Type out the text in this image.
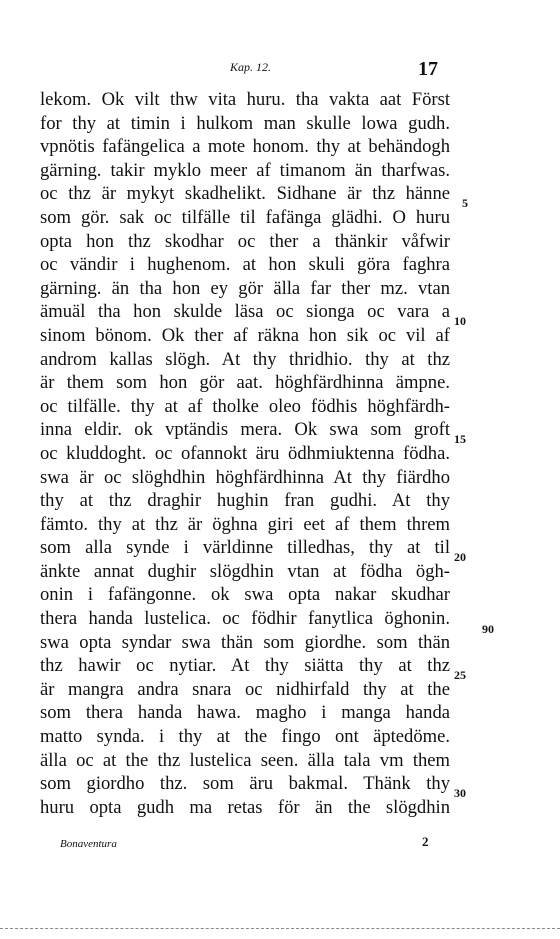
Kap. 12.	17
lekom. Ok vilt thw vita huru. tha vakta aat Först
for thy at timin i hulkom man skulle lowa gudh.
vpnötis fafängelica a mote honom. thy at behändogh
gärning. takir myklo meer af timanom än tharfwas.
oc thz är mykyt skadhelikt. Sidhane är thz hänne
som gör. sak oc tilfälle til fafänga glädhi. O huru
opta hon thz skodhar oc ther a thänkir våfwir
oc vändir i hughenom. at hon skuli göra faghra
gärning. än tha hon ey gör älla far ther mz. vtan
ämuäl tha hon skulde läsa oc sionga oc vara a
sinom bönom. Ok ther af räkna hon sik oc vil af
androm kallas slögh. At thy thridhio. thy at thz
är them som hon gör aat. höghfärdhinna ämpne.
oc tilfälle. thy at af tholke oleo födhis höghfärdh-
inna eldir. ok vptändis mera. Ok swa som groft
oc kluddoght. oc ofannokt äru ödhmiuktenna födha.
swa är oc slöghdhin höghfärdhinna At thy fiärdho
thy at thz draghir hughin fran gudhi. At thy
fämto. thy at thz är öghna giri eet af them threm
som alla synde i världinne tilledhas, thy at til
änkte annat dughir slögdhin vtan at födha ögh-
onin i fafängonne. ok swa opta nakar skudhar
thera handa lustelica. oc födhir fanytlica öghonin.
swa opta syndar swa thän som giordhe. som thän
thz hawir oc nytiar. At thy siätta thy at thz
är mangra andra snara oc nidhirfald thy at the
som thera handa hawa. magho i manga handa
matto synda. i thy at the fingo ont äptedöme.
älla oc at the thz lustelica seen. älla tala vm them
som giordho thz. som äru bakmal. Thänk thy
huru opta gudh ma retas för än the slögdhin
5
10
15
20
90
25
30
Bonaventura	2
